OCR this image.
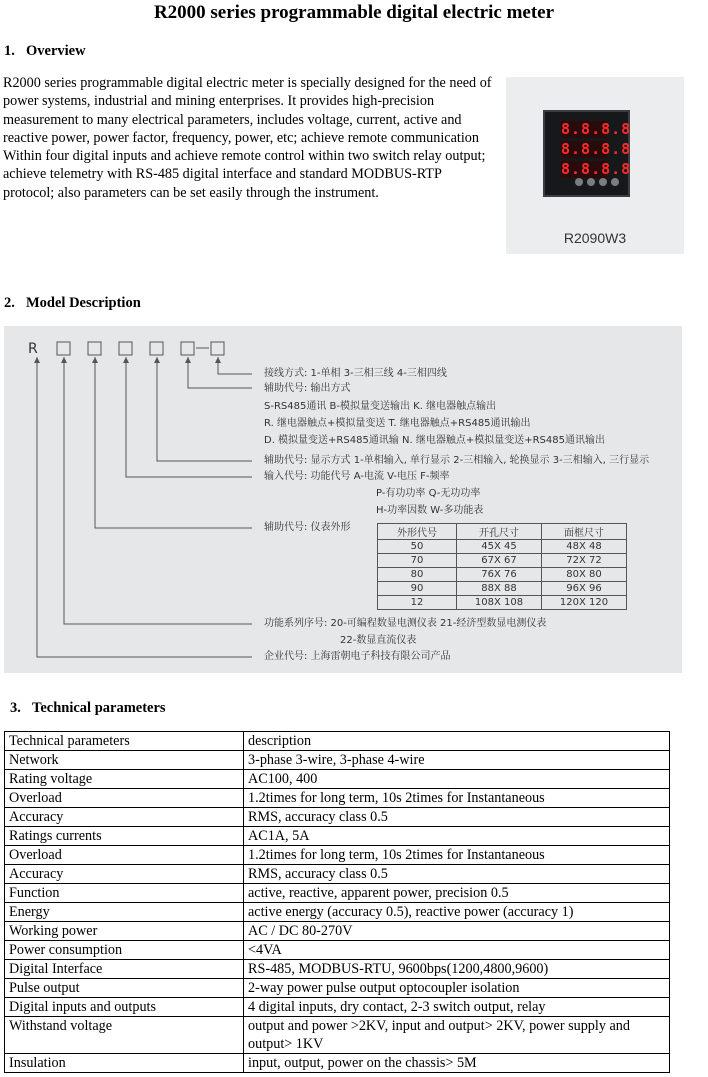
R2000 series programmable digital electric meter
1. Overview
R2000 series programmable digital electric meter is specially designed for the need of power systems, industrial and mining enterprises. It provides high-precision measurement to many electrical parameters, includes voltage, current, active and reactive power, power factor, frequency, power, etc; achieve remote communication Within four digital inputs and achieve remote control within two switch relay output; achieve telemetry with RS-485 digital interface and standard MODBUS-RTP protocol; also parameters can be set easily through the instrument.
8.8.8.8
8.8.8.8
8.8.8.8
R2090W3
2. Model Description
R
接线方式: 1-单相 3-三相三线 4-三相四线
辅助代号: 输出方式
S-RS485通讯 B-模拟量变送输出 K. 继电器触点输出
R. 继电器触点+模拟量变送 T. 继电器触点+RS485通讯输出
D. 模拟量变送+RS485通讯输 N. 继电器触点+模拟量变送+RS485通讯输出
辅助代号: 显示方式 1-单相输入, 单行显示 2-三相输入, 轮换显示 3-三相输入, 三行显示
输入代号: 功能代号 A-电流 V-电压 F-频率
P-有功功率 Q-无功功率
H-功率因数 W-多功能表
辅助代号: 仪表外形
外形代号	开孔尺寸	面框尺寸
50	45X 45	48X 48
70	67X 67	72X 72
80	76X 76	80X 80
90	88X 88	96X 96
12	108X 108	120X 120
功能系列序号: 20-可编程数显电测仪表 21-经济型数显电测仪表
22-数显直流仪表
企业代号: 上海雷朝电子科技有限公司产品
3. Technical parameters
Technical parameters	description
Network	3-phase 3-wire, 3-phase 4-wire
Rating voltage	AC100, 400
Overload	1.2times for long term, 10s 2times for Instantaneous
Accuracy	RMS, accuracy class 0.5
Ratings currents	AC1A, 5A
Overload	1.2times for long term, 10s 2times for Instantaneous
Accuracy	RMS, accuracy class 0.5
Function	active, reactive, apparent power, precision 0.5
Energy	active energy (accuracy 0.5), reactive power (accuracy 1)
Working power	AC / DC 80-270V
Power consumption	<4VA
Digital Interface	RS-485, MODBUS-RTU, 9600bps(1200,4800,9600)
Pulse output	2-way power pulse output optocoupler isolation
Digital inputs and outputs	4 digital inputs, dry contact, 2-3 switch output, relay
Withstand voltage	output and power >2KV, input and output> 2KV, power supply and output> 1KV
Insulation	input, output, power on the chassis> 5M
